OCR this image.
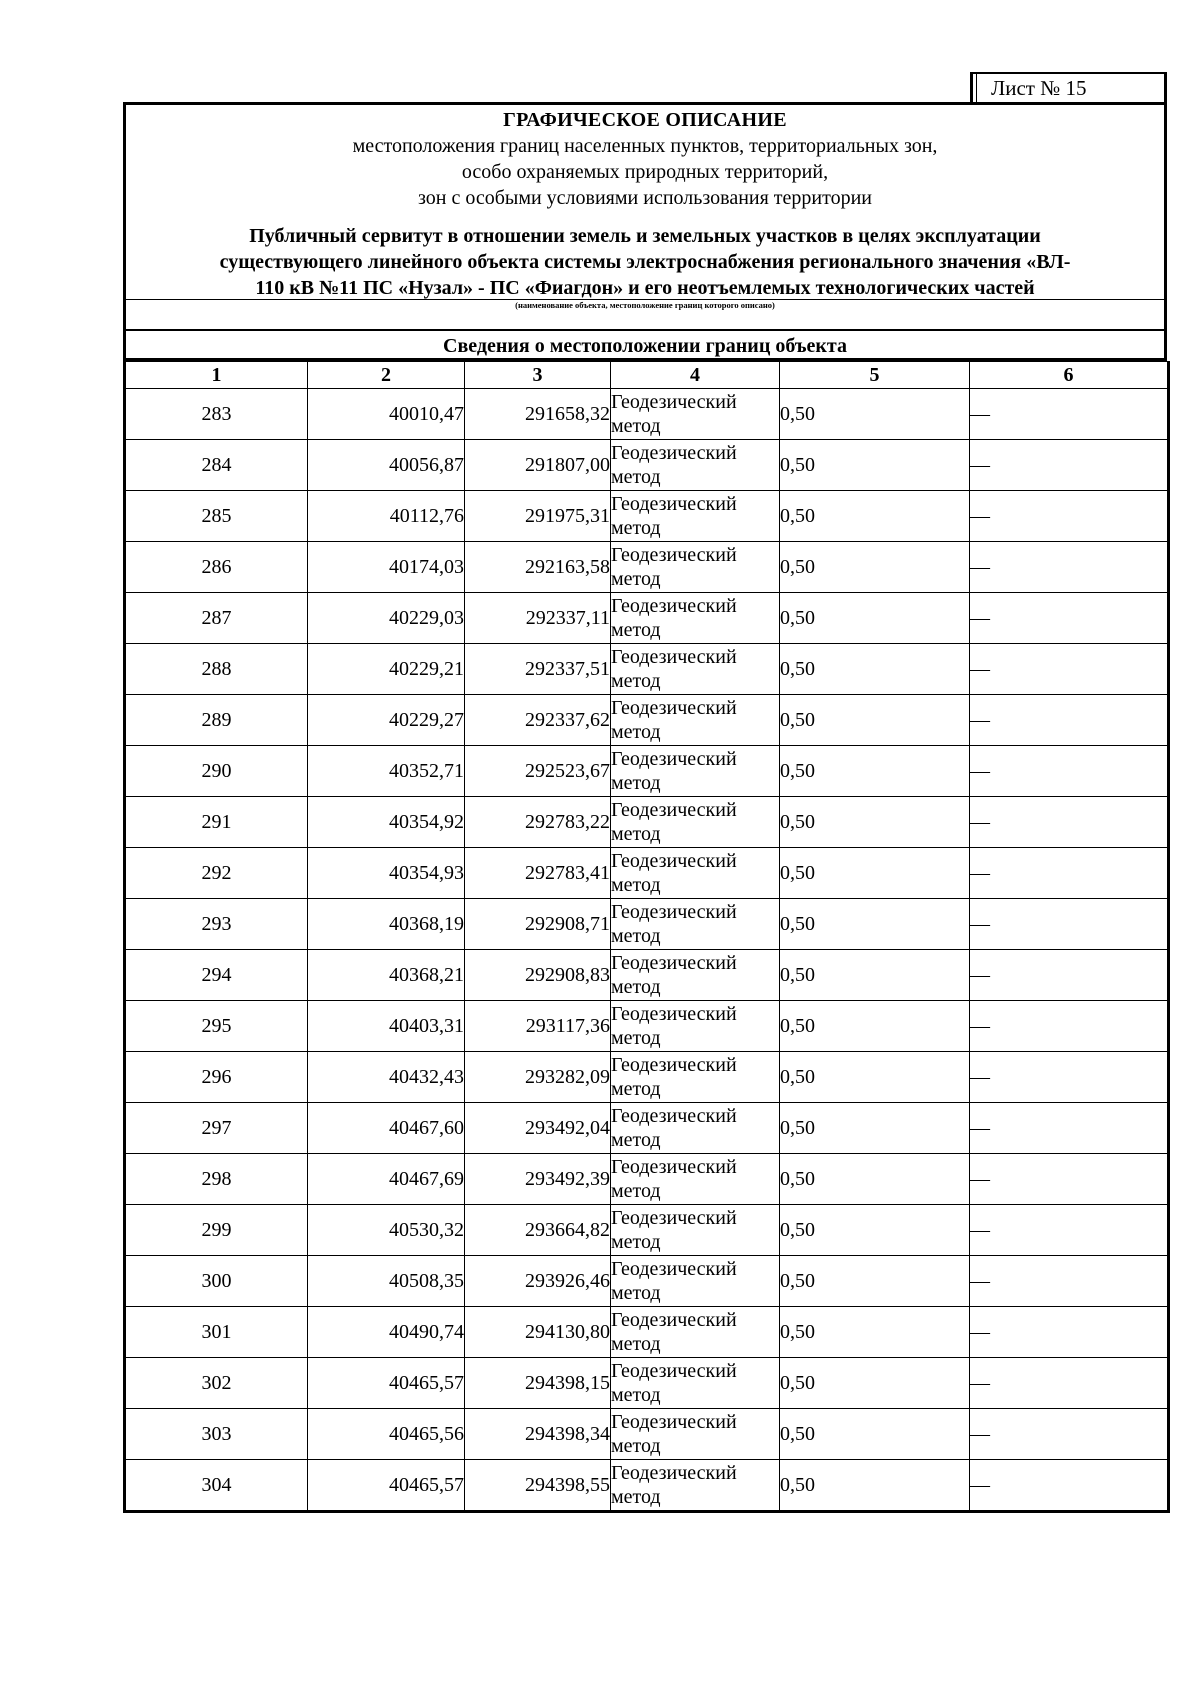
Лист № 15
ГРАФИЧЕСКОЕ ОПИСАНИЕ
местоположения границ населенных пунктов, территориальных зон,
особо охраняемых природных территорий,
зон с особыми условиями использования территории
Публичный сервитут в отношении земель и земельных участков в целях эксплуатации
существующего линейного объекта системы электроснабжения регионального значения «ВЛ-
110 кВ №11 ПС «Нузал» - ПС «Фиагдон» и его неотъемлемых технологических частей
(наименование объекта, местоположение границ которого описано)
Сведения о местоположении границ объекта
1	2	3	4	5	6
283	40010,47	291658,32	Геодезический метод	0,50	—
284	40056,87	291807,00	Геодезический метод	0,50	—
285	40112,76	291975,31	Геодезический метод	0,50	—
286	40174,03	292163,58	Геодезический метод	0,50	—
287	40229,03	292337,11	Геодезический метод	0,50	—
288	40229,21	292337,51	Геодезический метод	0,50	—
289	40229,27	292337,62	Геодезический метод	0,50	—
290	40352,71	292523,67	Геодезический метод	0,50	—
291	40354,92	292783,22	Геодезический метод	0,50	—
292	40354,93	292783,41	Геодезический метод	0,50	—
293	40368,19	292908,71	Геодезический метод	0,50	—
294	40368,21	292908,83	Геодезический метод	0,50	—
295	40403,31	293117,36	Геодезический метод	0,50	—
296	40432,43	293282,09	Геодезический метод	0,50	—
297	40467,60	293492,04	Геодезический метод	0,50	—
298	40467,69	293492,39	Геодезический метод	0,50	—
299	40530,32	293664,82	Геодезический метод	0,50	—
300	40508,35	293926,46	Геодезический метод	0,50	—
301	40490,74	294130,80	Геодезический метод	0,50	—
302	40465,57	294398,15	Геодезический метод	0,50	—
303	40465,56	294398,34	Геодезический метод	0,50	—
304	40465,57	294398,55	Геодезический метод	0,50	—
